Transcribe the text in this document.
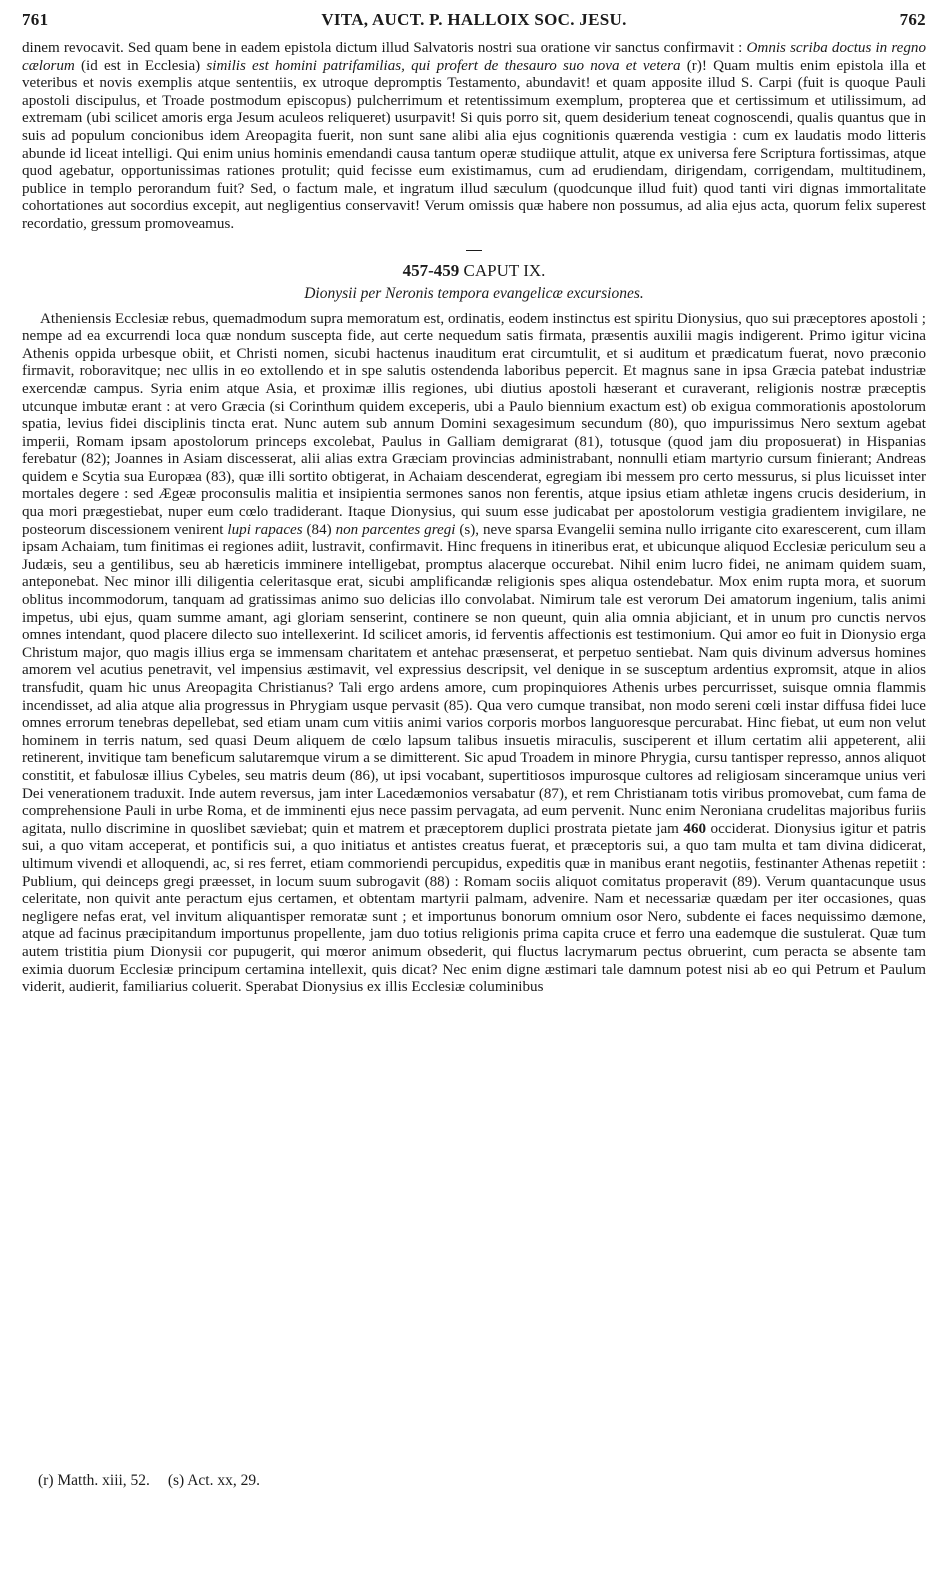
761	VITA, AUCT. P. HALLOIX SOC. JESU.	762

dinem revocavit. Sed quam bene in eadem epistola dictum illud Salvatoris nostri sua oratione vir sanctus confirmavit : Omnis scriba doctus in regno cælorum (id est in Ecclesia) similis est homini patrifamilias, qui profert de thesauro suo nova et vetera (r)! Quam multis enim epistola illa et veteribus et novis exemplis atque sententiis, ex utroque depromptis Testamento, abundavit! et quam apposite illud S. Carpi (fuit is quoque Pauli apostoli discipulus, et Troade postmodum episcopus) pulcherrimum et retentissimum exemplum, propterea que et certissimum et utilissimum, ad extremam (ubi scilicet amoris erga Jesum aculeos reliqueret) usurpavit! Si quis porro sit, quem desiderium teneat cognoscendi, qualis quantus que in suis ad populum concionibus idem Areopagita fuerit, non sunt sane alibi alia ejus cognitionis quærenda vestigia : cum ex laudatis modo litteris abunde id liceat intelligi. Qui enim unius hominis emendandi causa tantum operæ studiique attulit, atque ex universa fere Scriptura fortissimas, atque quod agebatur, opportunissimas rationes protulit; quid fecisse eum existimamus, cum ad erudiendam, dirigendam, corrigendam, multitudinem, publice in templo perorandum fuit? Sed, o factum male, et ingratum illud sæculum (quodcunque illud fuit) quod tanti viri dignas immortalitate cohortationes aut socordius excepit, aut negligentius conservavit! Verum omissis quæ habere non possumus, ad alia ejus acta, quorum felix superest recordatio, gressum promoveamus.

457-459 CAPUT IX.
Dionysii per Neronis tempora evangelicæ excursiones.

Atheniensis Ecclesiæ rebus, quemadmodum supra memoratum est, ordinatis, eodem instinctus est spiritu Dionysius, quo sui præceptores apostoli ; nempe ad ea excurrendi loca quæ nondum suscepta fide, aut certe nequedum satis firmata, præsentis auxilii magis indigerent. Primo igitur vicina Athenis oppida urbesque obiit, et Christi nomen, sicubi hactenus inauditum erat circumtulit, et si auditum et prædicatum fuerat, novo præconio firmavit, roboravitque; nec ullis in eo extollendo et in spe salutis ostendenda laboribus pepercit. Et magnus sane in ipsa Græcia patebat industriæ exercendæ campus. Syria enim atque Asia, et proximæ illis regiones, ubi diutius apostoli hæserant et curaverant, religionis nostræ præceptis utcunque imbutæ erant : at vero Græcia (si Corinthum quidem exceperis, ubi a Paulo biennium exactum est) ob exigua commorationis apostolorum spatia, levius fidei disciplinis tincta erat. Nunc autem sub annum Domini sexagesimum secundum (80), quo impurissimus Nero sextum agebat imperii, Romam ipsam apostolorum princeps excolebat, Paulus in Galliam demigrarat (81), totusque (quod jam diu proposuerat) in Hispanias ferebatur (82); Joannes in Asiam discesserat, alii alias extra Græciam provincias administrabant, nonnulli etiam martyrio cursum finierant; Andreas quidem e Scytia sua Europæa (83), quæ illi sortito obtigerat, in Achaiam descenderat, egregiam ibi messem pro certo messurus, si plus licuisset inter mortales degere : sed Ægeæ proconsulis malitia et insipientia sermones sanos non ferentis, atque ipsius etiam athletæ ingens crucis desiderium, in qua mori prægestiebat, nuper eum cœlo tradiderant. Itaque Dionysius, qui suum esse judicabat per apostolorum vestigia gradientem invigilare, ne posteorum discessionem venirent lupi rapaces (84) non parcentes gregi (s), neve sparsa Evangelii semina nullo irrigante cito exarescerent, cum illam ipsam Achaiam, tum finitimas ei regiones adiit, lustravit, confirmavit. Hinc frequens in itineribus erat, et ubicunque aliquod Ecclesiæ periculum seu a Judæis, seu a gentilibus, seu ab hæreticis imminere intelligebat, promptus alacerque occurebat. Nihil enim lucro fidei, ne animam quidem suam, anteponebat. Nec minor illi diligentia celeritasque erat, sicubi amplificandæ religionis spes aliqua ostendebatur. Mox enim rupta mora, et suorum oblitus incommodorum, tanquam ad gratissimas animo suo delicias illo convolabat. Nimirum tale est verorum Dei amatorum ingenium, talis animi impetus, ubi ejus, quam summe amant, agi gloriam senserint, continere se non queunt, quin alia omnia abjiciant, et in unum pro cunctis nervos omnes intendant, quod placere dilecto suo intellexerint. Id scilicet amoris, id ferventis affectionis est testimonium. Qui amor eo fuit in Dionysio erga Christum major, quo magis illius erga se immensam charitatem et antehac præsenserat, et perpetuo sentiebat. Nam quis divinum adversus homines amorem vel acutius penetravit, vel impensius æstimavit, vel expressius descripsit, vel denique in se susceptum ardentius expromsit, atque in alios transfudit, quam hic unus Areopagita Christianus? Tali ergo ardens amore, cum propinquiores Athenis urbes percurrisset, suisque omnia flammis incendisset, ad alia atque alia progressus in Phrygiam usque pervasit (85). Qua vero cumque transibat, non modo sereni cœli instar diffusa fidei luce omnes errorum tenebras depellebat, sed etiam unam cum vitiis animi varios corporis morbos languoresque percurabat. Hinc fiebat, ut eum non velut hominem in terris natum, sed quasi Deum aliquem de cœlo lapsum talibus insuetis miraculis, susciperent et illum certatim alii appeterent, alii retinerent, invitique tam beneficum salutaremque virum a se dimitterent. Sic apud Troadem in minore Phrygia, cursu tantisper represso, annos aliquot constitit, et fabulosæ illius Cybeles, seu matris deum (86), ut ipsi vocabant, supertitiosos impurosque cultores ad religiosam sinceramque unius veri Dei venerationem traduxit. Inde autem reversus, jam inter Lacedæmonios versabatur (87), et rem Christianam totis viribus promovebat, cum fama de comprehensione Pauli in urbe Roma, et de imminenti ejus nece passim pervagata, ad eum pervenit. Nunc enim Neroniana crudelitas majoribus furiis agitata, nullo discrimine in quoslibet sæviebat; quin et matrem et præceptorem duplici prostrata pietate jam 460 occiderat. Dionysius igitur et patris sui, a quo vitam acceperat, et pontificis sui, a quo initiatus et antistes creatus fuerat, et præceptoris sui, a quo tam multa et tam divina didicerat, ultimum vivendi et alloquendi, ac, si res ferret, etiam commoriendi percupidus, expeditis quæ in manibus erant negotiis, festinanter Athenas repetiit : Publium, qui deinceps gregi præesset, in locum suum subrogavit (88) : Romam sociis aliquot comitatus properavit (89). Verum quantacunque usus celeritate, non quivit ante peractum ejus certamen, et obtentam martyrii palmam, advenire. Nam et necessariæ quædam per iter occasiones, quas negligere nefas erat, vel invitum aliquantisper remoratæ sunt ; et importunus bonorum omnium osor Nero, subdente ei faces nequissimo dæmone, atque ad facinus præcipitandum importunus propellente, jam duo totius religionis prima capita cruce et ferro una eademque die sustulerat. Quæ tum autem tristitia pium Dionysii cor pupugerit, qui mœror animum obsederit, qui fluctus lacrymarum pectus obruerint, cum peracta se absente tam eximia duorum Ecclesiæ principum certamina intellexit, quis dicat? Nec enim digne æstimari tale damnum potest nisi ab eo qui Petrum et Paulum viderit, audierit, familiarius coluerit. Sperabat Dionysius ex illis Ecclesiæ columinibus

(r) Matth. xiii, 52. (s) Act. xx, 29.
